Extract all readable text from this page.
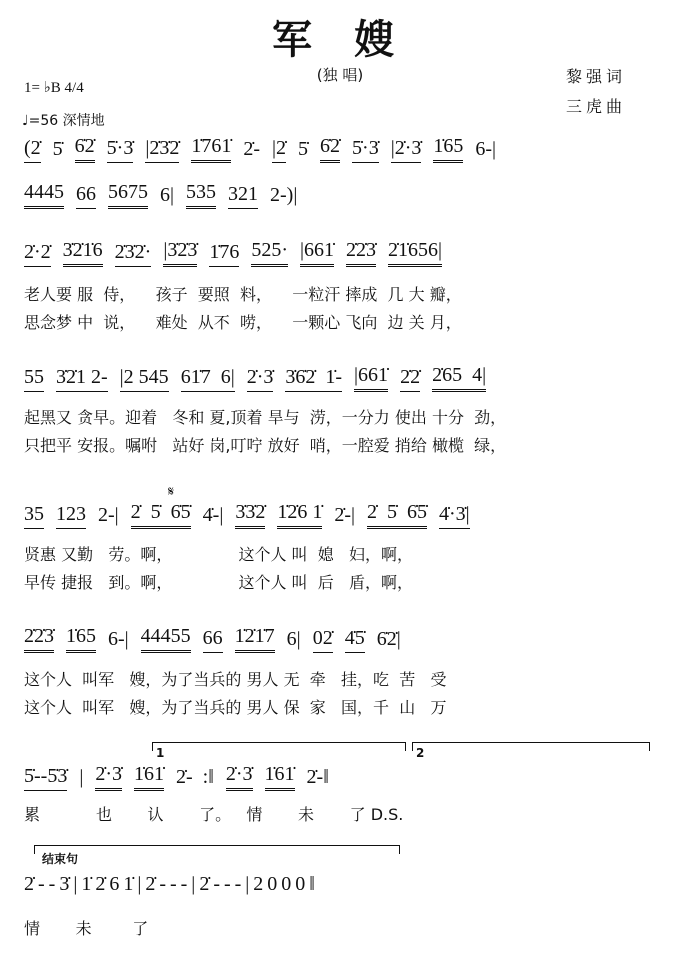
军 嫂
(独 唱)
1= ♭B 4/4
♩=56 深情地
黎强词
三虎曲
(2̇ 5̇ 6̇2̇ 5̇·3̇ |2̇3̇2̇ 1̇761̇ 2̇- |2̇ 5̇ 6̇2̇ 5̇·3̇ |2̇·3̇ 1̇65 6-|
4445 66 5675 6| 535 321 2-)|
2̇·2̇ 3̇2̇1̇6 2̇3̇2̇· |3̇2̇3̇ 1̇76 525· |661̇ 2̇2̇3̇ 2̇1̇656|
老人要 服  侍，    孩子  要照  料，    一粒汗 摔成  几 大 瓣，
思念梦 中  说，    难处  从不  唠，    一颗心 飞向  边 关 月，
55 3̇2̇1 2- |2 545 61̇7  6| 2̇·3̇ 3̇6̇2̇  1̇- |661̇ 2̇2̇ 2̇65  4|
起黑又 贪早。迎着   冬和 夏,顶着 旱与  涝，一分力 使出 十分  劲，
只把平 安报。嘱咐   站好 岗,叮咛 放好  哨，一腔爱 捎给 橄榄  绿，
𝄋
35 123 2-| 2̇  5̇  6̇5̇ 4̇-| 3̇3̇2̇ 1̇2̇6 1̇ 2̇-| 2̇  5̇  6̇5̇ 4̇·3̇|
贤惠 又勤   劳。啊，             这个人 叫  媳   妇，啊，
早传 捷报   到。啊，             这个人 叫  后   盾，啊，
2̇2̇3̇ 1̇65 6-| 44455 66 1̇2̇1̇7 6| 02̇ 4̇5̇ 6̇2̇|
这个人  叫军   嫂，为了当兵的 男人 无  牵   挂，吃  苦   受
这个人  叫军   嫂，为了当兵的 男人 保  家   国，千  山   万
1	2
5̇--5̇3̇ | 2̇·3̇ 1̇61̇ 2̇-  :‖ 2̇·3̇ 1̇61̇ 2̇-‖
累           也       认       了。   情       未       了 D.S.
结束句
2̇--3̇|1̇2̇61̇|2̇---|2̇---|2000‖
情       未        了
